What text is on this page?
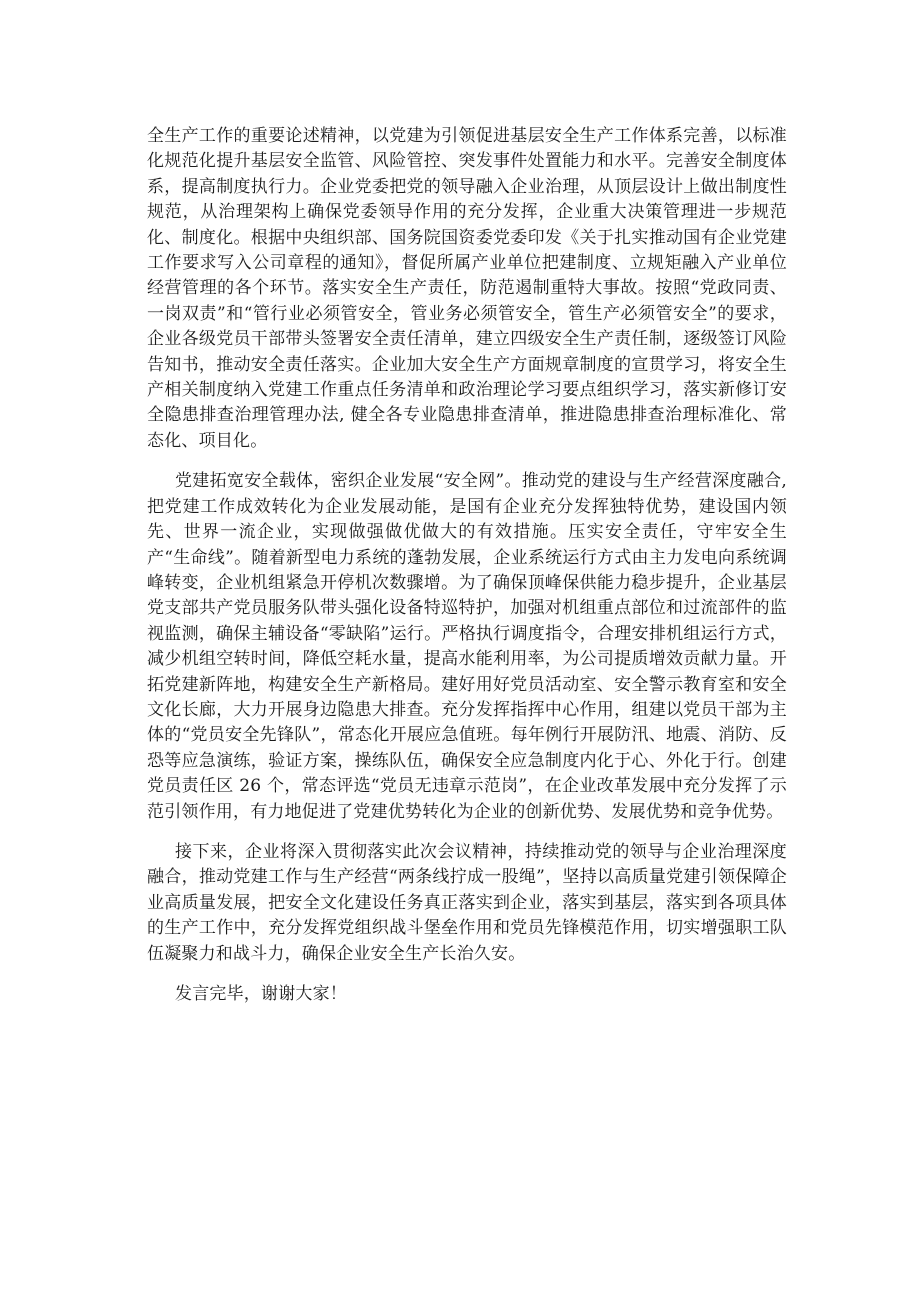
全生产工作的重要论述精神，以党建为引领促进基层安全生产工作体系完善，以标准化规范化提升基层安全监管、风险管控、突发事件处置能力和水平。完善安全制度体系，提高制度执行力。企业党委把党的领导融入企业治理，从顶层设计上做出制度性规范，从治理架构上确保党委领导作用的充分发挥，企业重大决策管理进一步规范化、制度化。根据中央组织部、国务院国资委党委印发《关于扎实推动国有企业党建工作要求写入公司章程的通知》，督促所属产业单位把建制度、立规矩融入产业单位经营管理的各个环节。落实安全生产责任，防范遏制重特大事故。按照“党政同责、一岗双责”和“管行业必须管安全，管业务必须管安全，管生产必须管安全”的要求，企业各级党员干部带头签署安全责任清单，建立四级安全生产责任制，逐级签订风险告知书，推动安全责任落实。企业加大安全生产方面规章制度的宣贯学习，将安全生产相关制度纳入党建工作重点任务清单和政治理论学习要点组织学习，落实新修订安全隐患排查治理管理办法, 健全各专业隐患排查清单，推进隐患排查治理标准化、常态化、项目化。

党建拓宽安全载体，密织企业发展“安全网”。推动党的建设与生产经营深度融合,把党建工作成效转化为企业发展动能，是国有企业充分发挥独特优势，建设国内领先、世界一流企业，实现做强做优做大的有效措施。压实安全责任，守牢安全生产“生命线”。随着新型电力系统的蓬勃发展，企业系统运行方式由主力发电向系统调峰转变，企业机组紧急开停机次数骤增。为了确保顶峰保供能力稳步提升，企业基层党支部共产党员服务队带头强化设备特巡特护，加强对机组重点部位和过流部件的监视监测，确保主辅设备“零缺陷”运行。严格执行调度指令，合理安排机组运行方式，减少机组空转时间，降低空耗水量，提高水能利用率，为公司提质增效贡献力量。开拓党建新阵地，构建安全生产新格局。建好用好党员活动室、安全警示教育室和安全文化长廊，大力开展身边隐患大排查。充分发挥指挥中心作用，组建以党员干部为主体的“党员安全先锋队”，常态化开展应急值班。每年例行开展防汛、地震、消防、反恐等应急演练，验证方案，操练队伍，确保安全应急制度内化于心、外化于行。创建党员责任区 26 个，常态评选“党员无违章示范岗”，在企业改革发展中充分发挥了示范引领作用，有力地促进了党建优势转化为企业的创新优势、发展优势和竞争优势。

接下来，企业将深入贯彻落实此次会议精神，持续推动党的领导与企业治理深度融合，推动党建工作与生产经营“两条线拧成一股绳”，坚持以高质量党建引领保障企业高质量发展，把安全文化建设任务真正落实到企业，落实到基层，落实到各项具体的生产工作中，充分发挥党组织战斗堡垒作用和党员先锋模范作用，切实增强职工队伍凝聚力和战斗力，确保企业安全生产长治久安。

发言完毕，谢谢大家！
